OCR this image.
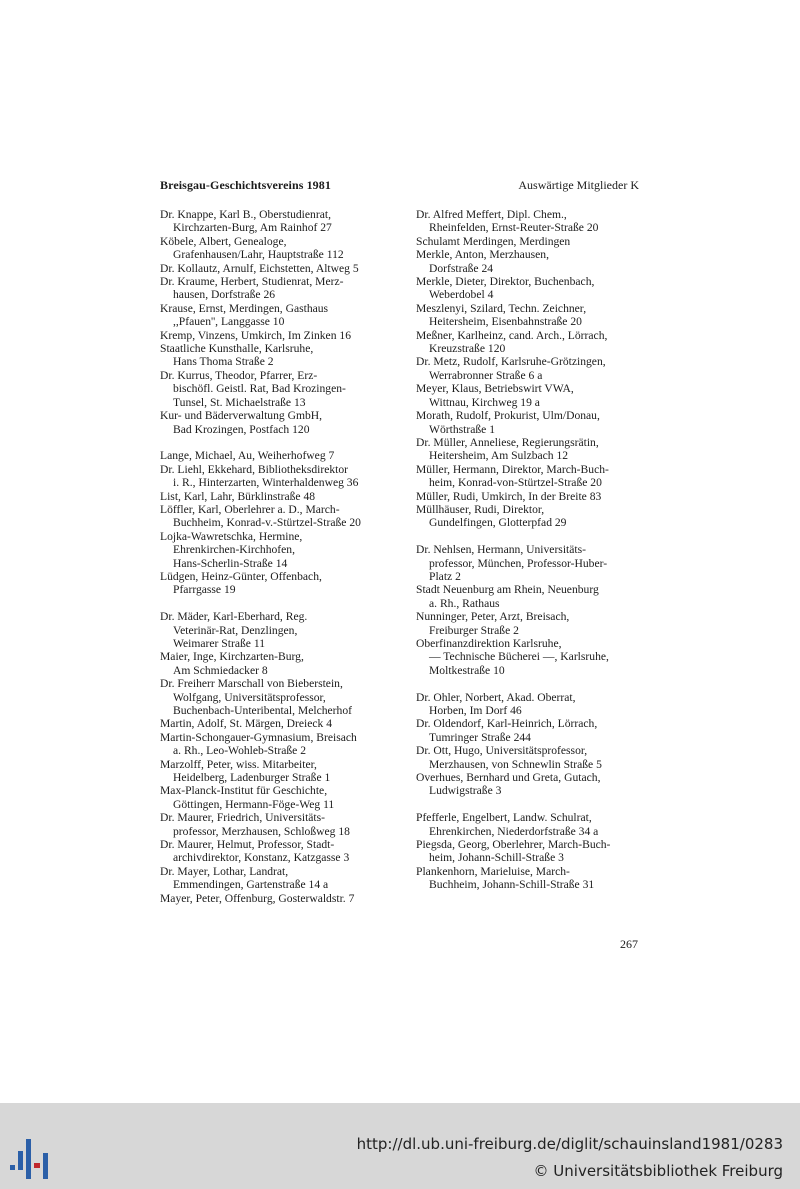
Breisgau-Geschichtsvereins 1981	Auswärtige Mitglieder K
Dr. Knappe, Karl B., Oberstudienrat,
Kirchzarten-Burg, Am Rainhof 27
Köbele, Albert, Genealoge,
Grafenhausen/Lahr, Hauptstraße 112
Dr. Kollautz, Arnulf, Eichstetten, Altweg 5
Dr. Kraume, Herbert, Studienrat, Merz-
hausen, Dorfstraße 26
Krause, Ernst, Merdingen, Gasthaus
,,Pfauen'', Langgasse 10
Kremp, Vinzens, Umkirch, Im Zinken 16
Staatliche Kunsthalle, Karlsruhe,
Hans Thoma Straße 2
Dr. Kurrus, Theodor, Pfarrer, Erz-
bischöfl. Geistl. Rat, Bad Krozingen-
Tunsel, St. Michaelstraße 13
Kur- und Bäderverwaltung GmbH,
Bad Krozingen, Postfach 120
Lange, Michael, Au, Weiherhofweg 7
Dr. Liehl, Ekkehard, Bibliotheksdirektor
i. R., Hinterzarten, Winterhaldenweg 36
List, Karl, Lahr, Bürklinstraße 48
Löffler, Karl, Oberlehrer a. D., March-
Buchheim, Konrad-v.-Stürtzel-Straße 20
Lojka-Wawretschka, Hermine,
Ehrenkirchen-Kirchhofen,
Hans-Scherlin-Straße 14
Lüdgen, Heinz-Günter, Offenbach,
Pfarrgasse 19
Dr. Mäder, Karl-Eberhard, Reg.
Veterinär-Rat, Denzlingen,
Weimarer Straße 11
Maier, Inge, Kirchzarten-Burg,
Am Schmiedacker 8
Dr. Freiherr Marschall von Bieberstein,
Wolfgang, Universitätsprofessor,
Buchenbach-Unteribental, Melcherhof
Martin, Adolf, St. Märgen, Dreieck 4
Martin-Schongauer-Gymnasium, Breisach
a. Rh., Leo-Wohleb-Straße 2
Marzolff, Peter, wiss. Mitarbeiter,
Heidelberg, Ladenburger Straße 1
Max-Planck-Institut für Geschichte,
Göttingen, Hermann-Föge-Weg 11
Dr. Maurer, Friedrich, Universitäts-
professor, Merzhausen, Schloßweg 18
Dr. Maurer, Helmut, Professor, Stadt-
archivdirektor, Konstanz, Katzgasse 3
Dr. Mayer, Lothar, Landrat,
Emmendingen, Gartenstraße 14 a
Mayer, Peter, Offenburg, Gosterwaldstr. 7
Dr. Alfred Meffert, Dipl. Chem.,
Rheinfelden, Ernst-Reuter-Straße 20
Schulamt Merdingen, Merdingen
Merkle, Anton, Merzhausen,
Dorfstraße 24
Merkle, Dieter, Direktor, Buchenbach,
Weberdobel 4
Meszlenyi, Szilard, Techn. Zeichner,
Heitersheim, Eisenbahnstraße 20
Meßner, Karlheinz, cand. Arch., Lörrach,
Kreuzstraße 120
Dr. Metz, Rudolf, Karlsruhe-Grötzingen,
Werrabronner Straße 6 a
Meyer, Klaus, Betriebswirt VWA,
Wittnau, Kirchweg 19 a
Morath, Rudolf, Prokurist, Ulm/Donau,
Wörthstraße 1
Dr. Müller, Anneliese, Regierungsrätin,
Heitersheim, Am Sulzbach 12
Müller, Hermann, Direktor, March-Buch-
heim, Konrad-von-Stürtzel-Straße 20
Müller, Rudi, Umkirch, In der Breite 83
Müllhäuser, Rudi, Direktor,
Gundelfingen, Glotterpfad 29
Dr. Nehlsen, Hermann, Universitäts-
professor, München, Professor-Huber-
Platz 2
Stadt Neuenburg am Rhein, Neuenburg
a. Rh., Rathaus
Nunninger, Peter, Arzt, Breisach,
Freiburger Straße 2
Oberfinanzdirektion Karlsruhe,
— Technische Bücherei —, Karlsruhe,
Moltkestraße 10
Dr. Ohler, Norbert, Akad. Oberrat,
Horben, Im Dorf 46
Dr. Oldendorf, Karl-Heinrich, Lörrach,
Tumringer Straße 244
Dr. Ott, Hugo, Universitätsprofessor,
Merzhausen, von Schnewlin Straße 5
Overhues, Bernhard und Greta, Gutach,
Ludwigstraße 3
Pfefferle, Engelbert, Landw. Schulrat,
Ehrenkirchen, Niederdorfstraße 34 a
Piegsda, Georg, Oberlehrer, March-Buch-
heim, Johann-Schill-Straße 3
Plankenhorn, Marieluise, March-
Buchheim, Johann-Schill-Straße 31
267
http://dl.ub.uni-freiburg.de/diglit/schauinsland1981/0283
© Universitätsbibliothek Freiburg
